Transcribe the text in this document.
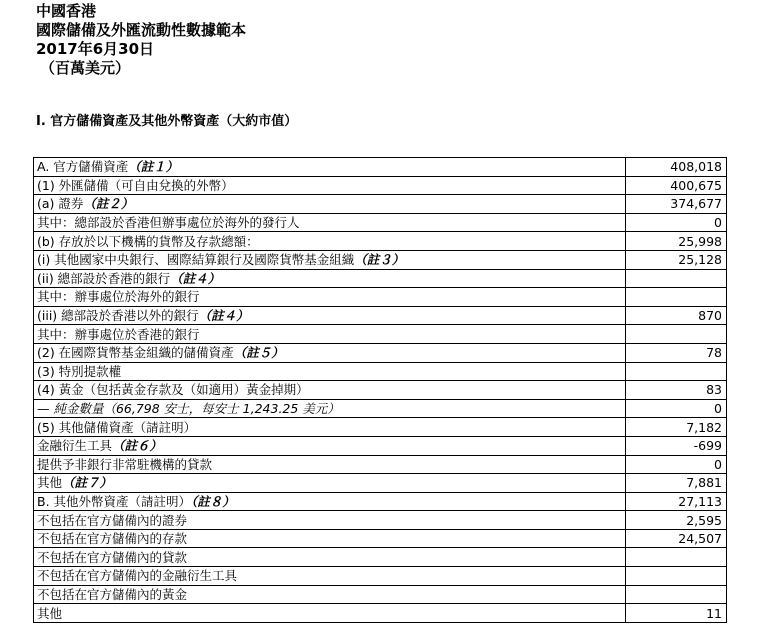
中國香港
國際儲備及外匯流動性數據範本
2017年6月30日
（百萬美元）
I. 官方儲備資產及其他外幣資產（大約市值）
A. 官方儲備資產（註１）	408,018
(1) 外匯儲備（可自由兌換的外幣）	400,675
(a) 證券（註２）	374,677
其中：總部設於香港但辦事處位於海外的發行人	0
(b) 存放於以下機構的貨幣及存款總額：	25,998
(i) 其他國家中央銀行、國際結算銀行及國際貨幣基金組織（註３）	25,128
(ii) 總部設於香港的銀行（註４）	
其中：辦事處位於海外的銀行	
(iii) 總部設於香港以外的銀行（註４）	870
其中：辦事處位於香港的銀行	
(2) 在國際貨幣基金組織的儲備資產（註５）	78
(3) 特別提款權	
(4) 黃金（包括黃金存款及（如適用）黃金掉期）	83
— 純金數量（66,798 安士，每安士 1,243.25 美元）	0
(5) 其他儲備資產（請註明）	7,182
金融衍生工具（註６）	-699
提供予非銀行非常駐機構的貸款	0
其他（註７）	7,881
B. 其他外幣資產（請註明）（註８）	27,113
不包括在官方儲備內的證券	2,595
不包括在官方儲備內的存款	24,507
不包括在官方儲備內的貸款	
不包括在官方儲備內的金融衍生工具	
不包括在官方儲備內的黃金	
其他	11
